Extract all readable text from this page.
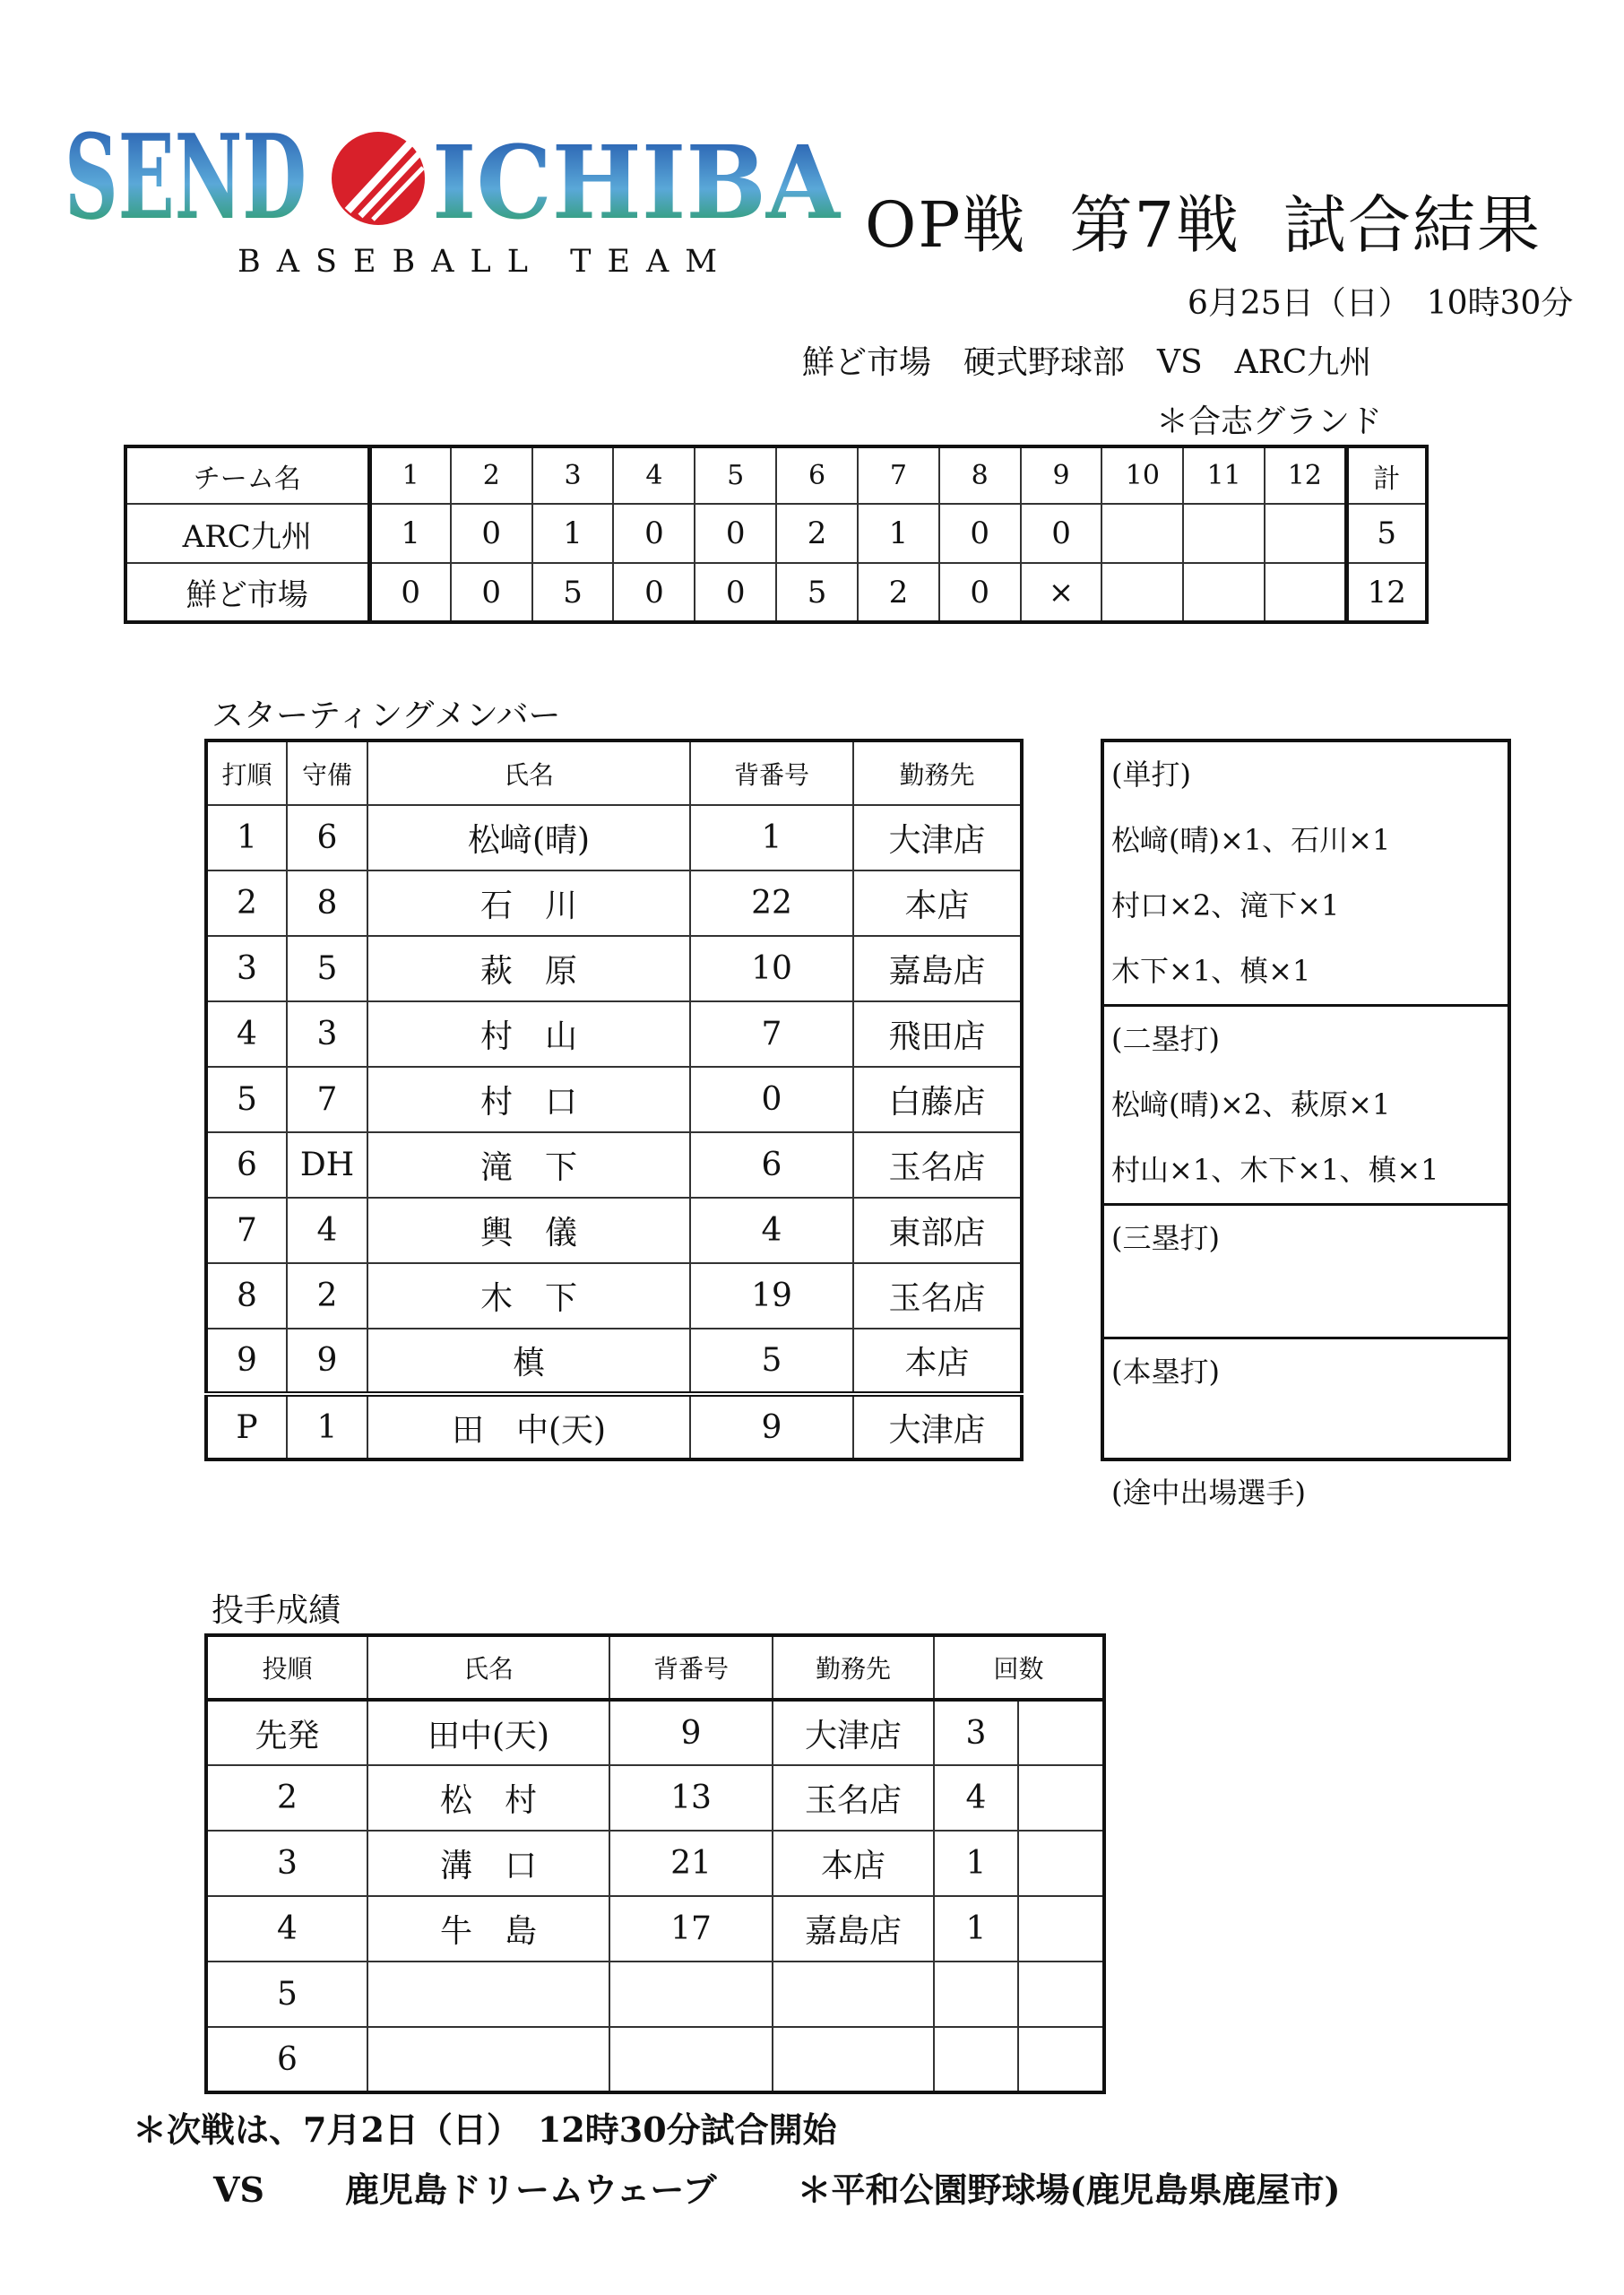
SEND ICHIBA
BASEBALL TEAM OP戦 第7戦 試合結果
6月25日（日）　10時30分
鮮ど市場　硬式野球部　VS　ARC九州
＊合志グランド
チーム名	1	2	3	4	5	6	7	8	9	10	11	12	計
ARC九州	1	0	1	0	0	2	1	0	0				5
鮮ど市場	0	0	5	0	0	5	2	0	×				12
スターティングメンバー
打順	守備	氏名	背番号	勤務先
1	6	松﨑(晴)	1	大津店
2	8	石　川	22	本店
3	5	萩　原	10	嘉島店
4	3	村　山	7	飛田店
5	7	村　口	0	白藤店
6	DH	滝　下	6	玉名店
7	4	輿　儀	4	東部店
8	2	木　下	19	玉名店
9	9	槙	5	本店
P	1	田　中(天)	9	大津店
(単打)
松﨑(晴)×1、石川×1
村口×2、滝下×1
木下×1、槙×1
(二塁打)
松﨑(晴)×2、萩原×1
村山×1、木下×1、槙×1
(三塁打)
(本塁打)
(途中出場選手)
投手成績
投順	氏名	背番号	勤務先	回数	
先発	田中(天)	9	大津店	3	
2	松　村	13	玉名店	4	
3	溝　口	21	本店	1	
4	牛　島	17	嘉島店	1	
5					
6					
＊次戦は、7月2日（日）　12時30分試合開始
VS 鹿児島ドリームウェーブ ＊平和公園野球場(鹿児島県鹿屋市)
